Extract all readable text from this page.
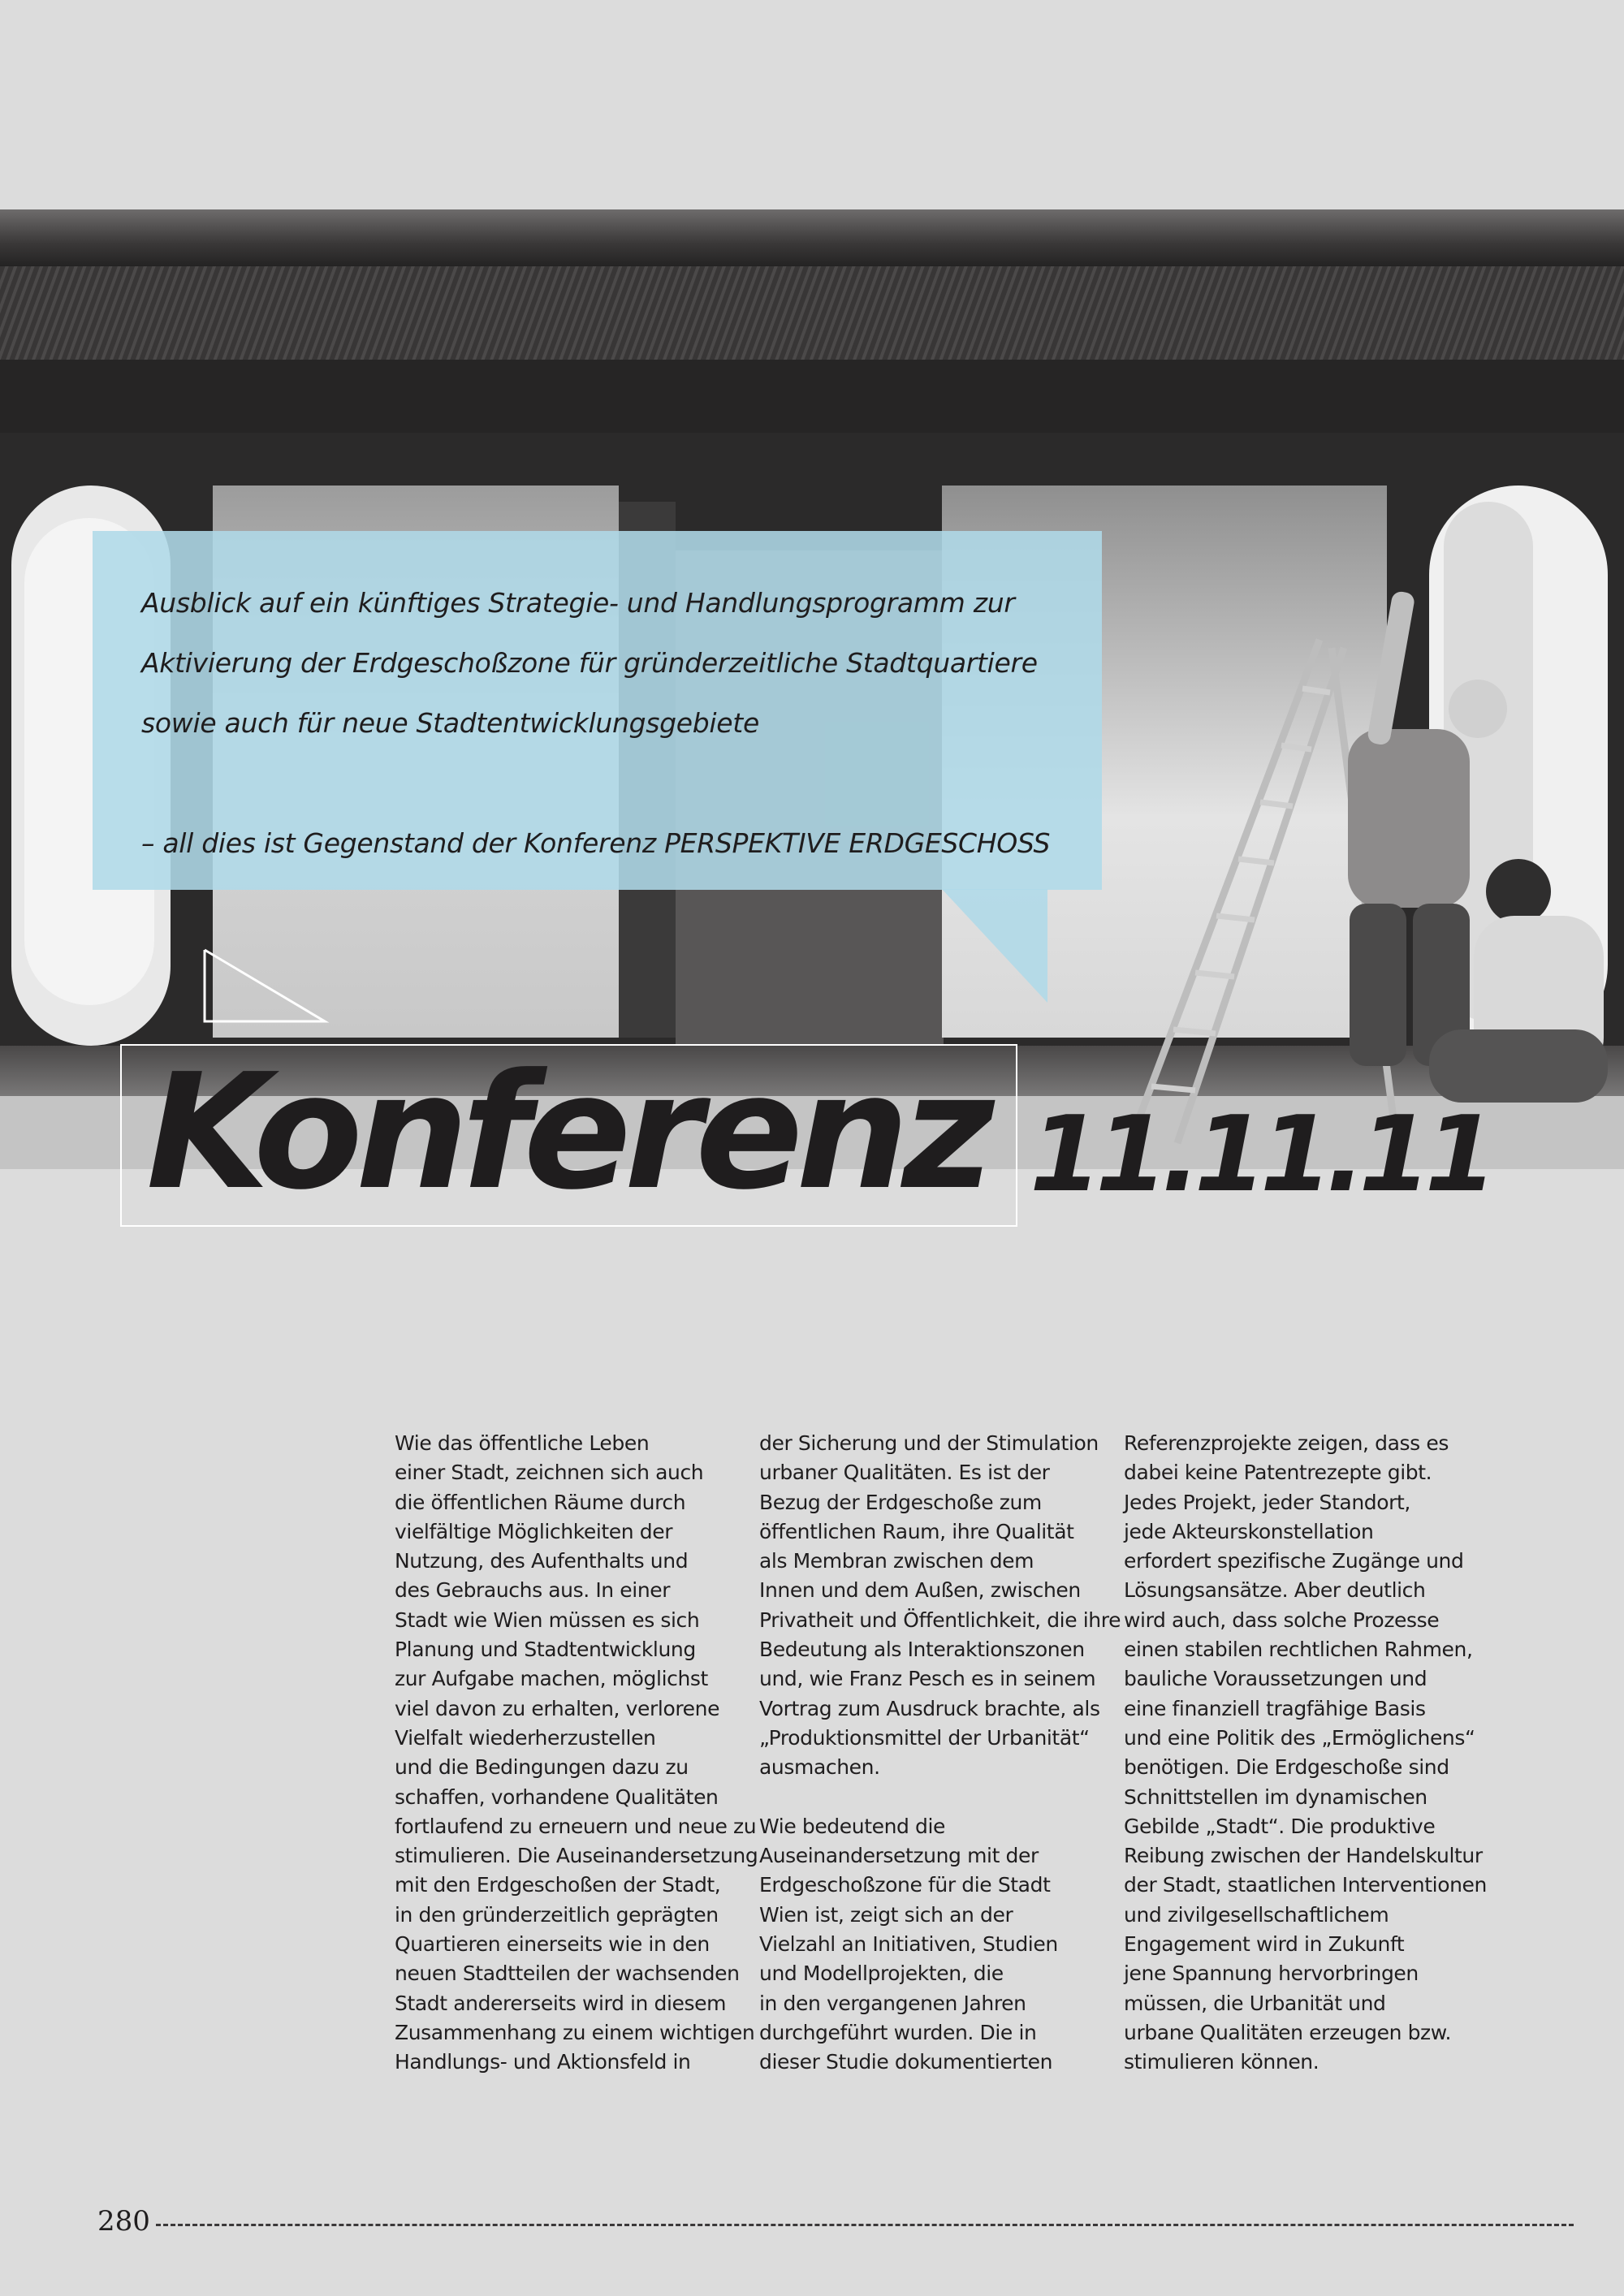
Ausblick auf ein künftiges Strategie- und Handlungsprogramm zur
Aktivierung der Erdgeschoßzone für gründerzeitliche Stadtquartiere
sowie auch für neue Stadtentwicklungsgebiete
– all dies ist Gegenstand der Konferenz PERSPEKTIVE ERDGESCHOSS
Konferenz 11.11.11
Wie das öffentliche Leben
einer Stadt, zeichnen sich auch
die öffentlichen Räume durch
vielfältige Möglichkeiten der
Nutzung, des Aufenthalts und
des Gebrauchs aus. In einer
Stadt wie Wien müssen es sich
Planung und Stadtentwicklung
zur Aufgabe machen, möglichst
viel davon zu erhalten, verlorene
Vielfalt wiederherzustellen
und die Bedingungen dazu zu
schaffen, vorhandene Qualitäten
fortlaufend zu erneuern und neue zu
stimulieren. Die Auseinandersetzung
mit den Erdgeschoßen der Stadt,
in den gründerzeitlich geprägten
Quartieren einerseits wie in den
neuen Stadtteilen der wachsenden
Stadt andererseits wird in diesem
Zusammenhang zu einem wichtigen
Handlungs- und Aktionsfeld in
der Sicherung und der Stimulation
urbaner Qualitäten. Es ist der
Bezug der Erdgeschoße zum
öffentlichen Raum, ihre Qualität
als Membran zwischen dem
Innen und dem Außen, zwischen
Privatheit und Öffentlichkeit, die ihre
Bedeutung als Interaktionszonen
und, wie Franz Pesch es in seinem
Vortrag zum Ausdruck brachte, als
„Produktionsmittel der Urbanität“
ausmachen.
Wie bedeutend die
Auseinandersetzung mit der
Erdgeschoßzone für die Stadt
Wien ist, zeigt sich an der
Vielzahl an Initiativen, Studien
und Modellprojekten, die
in den vergangenen Jahren
durchgeführt wurden. Die in
dieser Studie dokumentierten
Referenzprojekte zeigen, dass es
dabei keine Patentrezepte gibt.
Jedes Projekt, jeder Standort,
jede Akteurskonstellation
erfordert spezifische Zugänge und
Lösungsansätze. Aber deutlich
wird auch, dass solche Prozesse
einen stabilen rechtlichen Rahmen,
bauliche Voraussetzungen und
eine finanziell tragfähige Basis
und eine Politik des „Ermöglichens“
benötigen. Die Erdgeschoße sind
Schnittstellen im dynamischen
Gebilde „Stadt“. Die produktive
Reibung zwischen der Handelskultur
der Stadt, staatlichen Interventionen
und zivilgesellschaftlichem
Engagement wird in Zukunft
jene Spannung hervorbringen
müssen, die Urbanität und
urbane Qualitäten erzeugen bzw.
stimulieren können.
280
